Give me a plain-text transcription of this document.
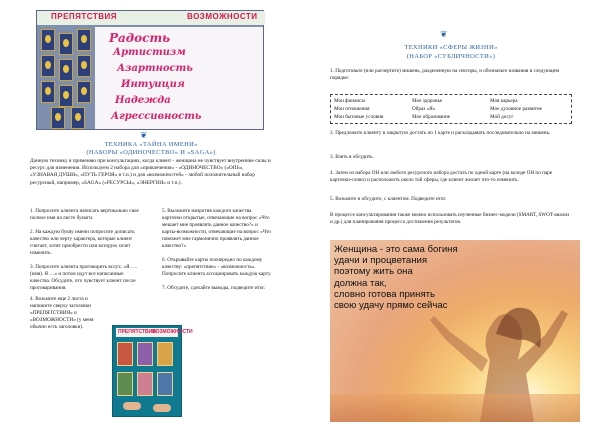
ПРЕПЯТСТВИЯ	ВОЗМОЖНОСТИ
Радость
Артистизм
Азартность
Интуиция
Надежда
Агрессивность
❦
ТЕХНИКА «ТАЙНА ИМЕНИ»
(НАБОРЫ «ОДИНОЧЕСТВО» И «SAGA»)
Данную технику я применяю при консультациях, когда клиент - женщина не чувствует внутренние силы и ресурс для изменения. Используем 2 набора для «привлечения» - «ОДИНОЧЕСТВО» («ОПЬ», «УЗНАВАЯ ДУШИ», «ПУТЬ ГЕРОЯ» и т.п.) и для «возможностей» - любой положительный набор ресурсный, например, «SAGA» («РЕСУРСЫ», «ЭНЕРГИЯ» и т.п.).

1. Попросите клиента написать вертикально свое полное имя на листе бумаги.

2. На каждую букву имени попросите дописать качество или черту характера, которые клиент считает, хотят приобрести или которую хочет изменить.

3. Попросите клиента проговорить вслух: «Я …. (имя). Я …» и потом идут все написанные качества. Обсудите, что чувствует клиент после проговаривания.

4. Возьмите еще 2 листа и напишите сверху заголовки «ПРЕПЯТСТВИЯ» и «ВОЗМОЖНОСТИ» (у меня обычно есть заголовки).

5. Выложите напротив каждого качества карточки открытые, отвечающие на вопрос «Что мешает мне проявлять данное качество?» и карты-возможности, отвечающие на вопрос «Что поможет мне гармонично проявлять данное качество?»

6. Открывайте карты поочередно по каждому качеству: «препятствие» - «возможность». Попросите клиента ассоциировать каждую карту.

7. Обсудите, сделайте выводы, подведите итог.

ПРЕПЯТСТВИЯ
ВОЗМОЖНОСТИ
❦
ТЕХНИКИ «СФЕРЫ ЖИЗНИ»
(НАБОР «СУБЛИЧНОСТИ»)
1. Подготовьте (или расчертите) мишень, разделенную на секторы, и обозначьте названия в следующем порядке:
Мои финансы	Мое здоровье	Моя карьера
Мои отношения	Образ «Я»	Мое духовное развитие
Мои бытовые условия	Мое образование	Мой досуг
2. Предложите клиенту в закрытую достать по 1 карте и раскладывать последовательно на мишень.
3. Взять в обсудить.
4. Затем из набора ОН или любого ресурсного набора достать по одной карте (на колоде ОН по паре карточки-слово) и расположить около той сферы, где клиент желает что-то изменить.
5. Возьмите и обсудите, с клиентом. Подведите итог.
В процессе консультирования также можно использовать изученные бизнес-модели (SMART, SWOT-анализ и др.) для планирования процесса достижения результатов.
Женщина - это сама богиня
удачи и процветания
поэтому жить она
должна так,
словно готова принять
свою удачу прямо сейчас
